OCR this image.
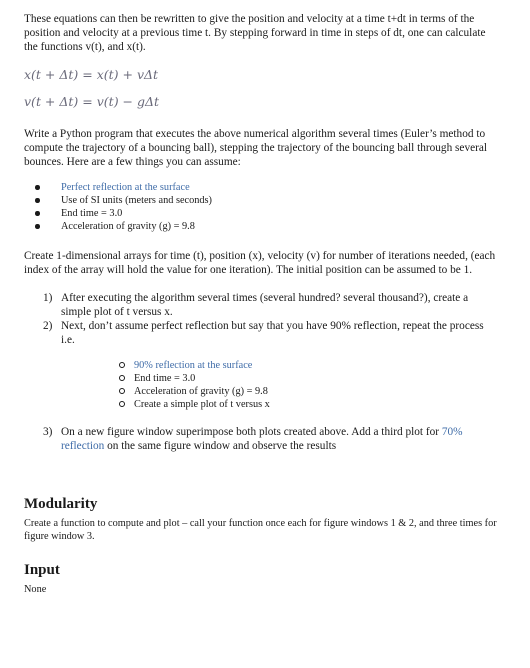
These equations can then be rewritten to give the position and velocity at a time t+dt in terms of the position and velocity at a previous time t. By stepping forward in time in steps of dt, one can calculate the functions v(t), and x(t).

x(t + Δt) = x(t) + vΔt

v(t + Δt) = v(t) − gΔt

Write a Python program that executes the above numerical algorithm several times (Euler’s method to compute the trajectory of a bouncing ball), stepping the trajectory of the bouncing ball through several bounces. Here are a few things you can assume:

Perfect reflection at the surface
Use of SI units (meters and seconds)
End time = 3.0
Acceleration of gravity (g) = 9.8

Create 1-dimensional arrays for time (t), position (x), velocity (v) for number of iterations needed, (each index of the array will hold the value for one iteration). The initial position can be assumed to be 1.

1) After executing the algorithm several times (several hundred? several thousand?), create a simple plot of t versus x.
2) Next, don’t assume perfect reflection but say that you have 90% reflection, repeat the process i.e.
90% reflection at the surface
End time = 3.0
Acceleration of gravity (g) = 9.8
Create a simple plot of t versus x
3) On a new figure window superimpose both plots created above. Add a third plot for 70% reflection on the same figure window and observe the results
Modularity

Create a function to compute and plot – call your function once each for figure windows 1 & 2, and three times for figure window 3.

Input

None
